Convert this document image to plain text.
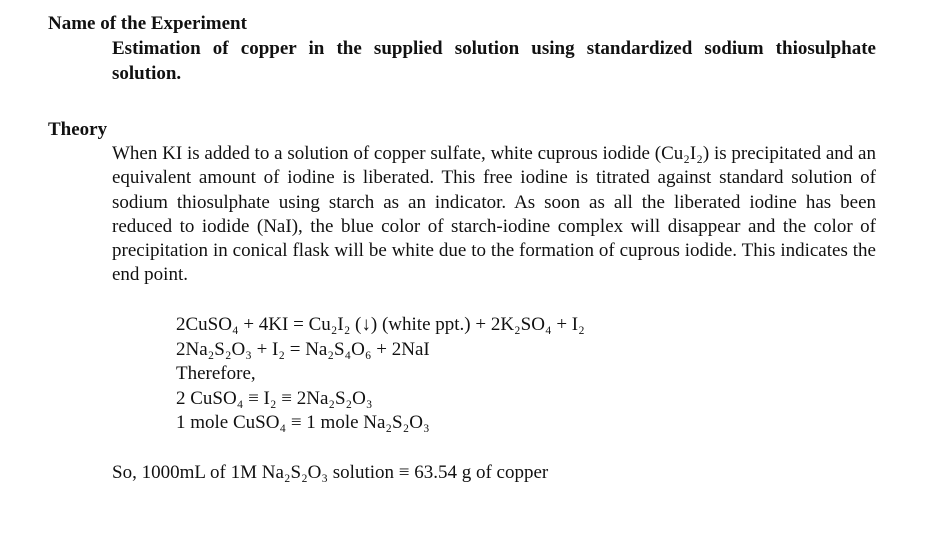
Name of the Experiment

Estimation of copper in the supplied solution using standardized sodium thiosulphate solution.

Theory

When KI is added to a solution of copper sulfate, white cuprous iodide (Cu₂I₂) is precipitated and an equivalent amount of iodine is liberated. This free iodine is titrated against standard solution of sodium thiosulphate using starch as an indicator. As soon as all the liberated iodine has been reduced to iodide (NaI), the blue color of starch-iodine complex will disappear and the color of precipitation in conical flask will be white due to the formation of cuprous iodide. This indicates the end point.

2CuSO₄ + 4KI = Cu₂I₂ (↓) (white ppt.) + 2K₂SO₄ + I₂
2Na₂S₂O₃ + I₂ = Na₂S₄O₆ + 2NaI
Therefore,
2 CuSO₄ ≡ I₂ ≡ 2Na₂S₂O₃
1 mole CuSO₄ ≡ 1 mole Na₂S₂O₃

So, 1000mL of 1M Na₂S₂O₃ solution ≡ 63.54 g of copper
